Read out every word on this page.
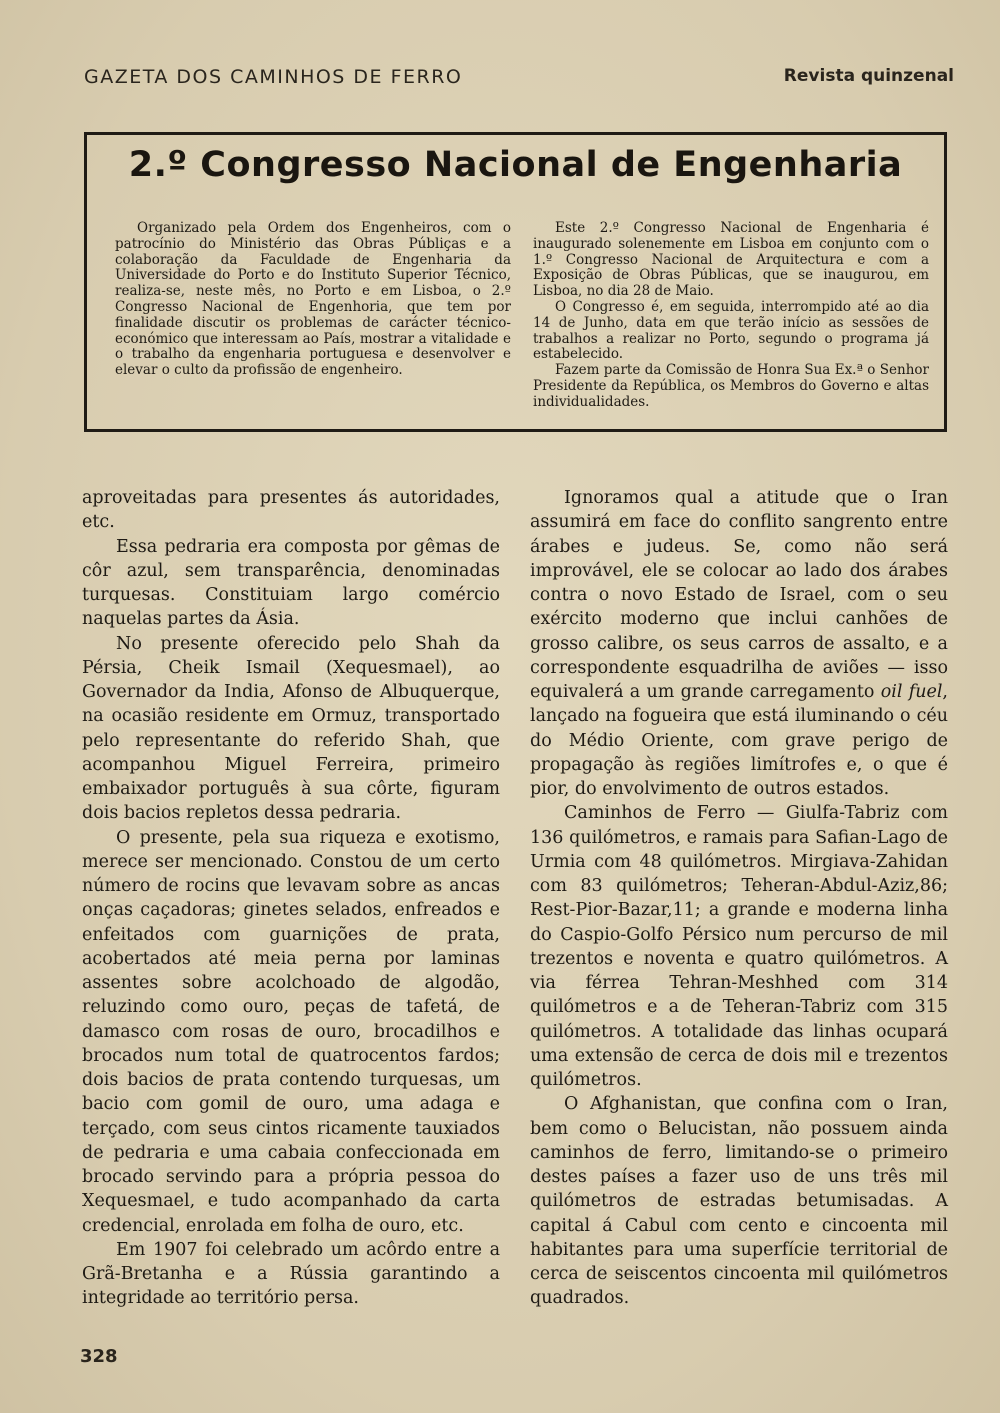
GAZETA DOS CAMINHOS DE FERRO	Revista quinzenal
2.º Congresso Nacional de Engenharia

Organizado pela Ordem dos Engenheiros, com o patrocínio do Ministério das Obras Públiças e a colaboração da Faculdade de Engenharia da Universidade do Porto e do Instituto Superior Técnico, realiza-se, neste mês, no Porto e em Lisboa, o 2.º Congresso Nacional de Engenhoria, que tem por finalidade discutir os problemas de carácter técnico-económico que interessam ao País, mostrar a vitalidade e o trabalho da engenharia portuguesa e desenvolver e elevar o culto da profissão de engenheiro.

Este 2.º Congresso Nacional de Engenharia é inaugurado solenemente em Lisboa em conjunto com o 1.º Congresso Nacional de Arquitectura e com a Exposição de Obras Públicas, que se inaugurou, em Lisboa, no dia 28 de Maio.

O Congresso é, em seguida, interrompido até ao dia 14 de Junho, data em que terão início as sessões de trabalhos a realizar no Porto, segundo o programa já estabelecido.

Fazem parte da Comissão de Honra Sua Ex.ª o Senhor Presidente da República, os Membros do Governo e altas individualidades.

aproveitadas para presentes ás autoridades, etc.

Essa pedraria era composta por gêmas de côr azul, sem transparência, denominadas turquesas. Constituiam largo comércio naquelas partes da Ásia.

No presente oferecido pelo Shah da Pérsia, Cheik Ismail (Xequesmael), ao Governador da India, Afonso de Albuquerque, na ocasião residente em Ormuz, transportado pelo representante do referido Shah, que acompanhou Miguel Ferreira, primeiro embaixador português à sua côrte, figuram dois bacios repletos dessa pedraria.

O presente, pela sua riqueza e exotismo, merece ser mencionado. Constou de um certo número de rocins que levavam sobre as ancas onças caçadoras; ginetes selados, enfreados e enfeitados com guarnições de prata, acobertados até meia perna por laminas assentes sobre acolchoado de algodão, reluzindo como ouro, peças de tafetá, de damasco com rosas de ouro, brocadilhos e brocados num total de quatrocentos fardos; dois bacios de prata contendo turquesas, um bacio com gomil de ouro, uma adaga e terçado, com seus cintos ricamente tauxiados de pedraria e uma cabaia confeccionada em brocado servindo para a própria pessoa do Xequesmael, e tudo acompanhado da carta credencial, enrolada em folha de ouro, etc.

Em 1907 foi celebrado um acôrdo entre a Grã-Bretanha e a Rússia garantindo a integridade ao território persa.

Ignoramos qual a atitude que o Iran assumirá em face do conflito sangrento entre árabes e judeus. Se, como não será improvável, ele se colocar ao lado dos árabes contra o novo Estado de Israel, com o seu exército moderno que inclui canhões de grosso calibre, os seus carros de assalto, e a correspondente esquadrilha de aviões — isso equivalerá a um grande carregamento oil fuel, lançado na fogueira que está iluminando o céu do Médio Oriente, com grave perigo de propagação às regiões limítrofes e, o que é pior, do envolvimento de outros estados.

Caminhos de Ferro — Giulfa-Tabriz com 136 quilómetros, e ramais para Safian-Lago de Urmia com 48 quilómetros. Mirgiava-Zahidan com 83 quilómetros; Teheran-Abdul-Aziz,86; Rest-Pior-Bazar,11; a grande e moderna linha do Caspio-Golfo Pérsico num percurso de mil trezentos e noventa e quatro quilómetros. A via férrea Tehran-Meshhed com 314 quilómetros e a de Teheran-Tabriz com 315 quilómetros. A totalidade das linhas ocupará uma extensão de cerca de dois mil e trezentos quilómetros.

O Afghanistan, que confina com o Iran, bem como o Belucistan, não possuem ainda caminhos de ferro, limitando-se o primeiro destes países a fazer uso de uns três mil quilómetros de estradas betumisadas. A capital á Cabul com cento e cincoenta mil habitantes para uma superfície territorial de cerca de seiscentos cincoenta mil quilómetros quadrados.

328
